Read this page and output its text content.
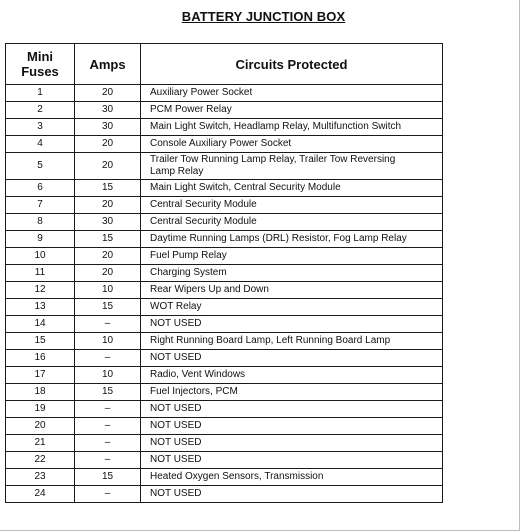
BATTERY JUNCTION BOX
Mini
Fuses	Amps	Circuits Protected
1	20	Auxiliary Power Socket
2	30	PCM Power Relay
3	30	Main Light Switch, Headlamp Relay, Multifunction Switch
4	20	Console Auxiliary Power Socket
5	20	Trailer Tow Running Lamp Relay, Trailer Tow Reversing
Lamp Relay
6	15	Main Light Switch, Central Security Module
7	20	Central Security Module
8	30	Central Security Module
9	15	Daytime Running Lamps (DRL) Resistor, Fog Lamp Relay
10	20	Fuel Pump Relay
11	20	Charging System
12	10	Rear Wipers Up and Down
13	15	WOT Relay
14	–	NOT USED
15	10	Right Running Board Lamp, Left Running Board Lamp
16	–	NOT USED
17	10	Radio, Vent Windows
18	15	Fuel Injectors, PCM
19	–	NOT USED
20	–	NOT USED
21	–	NOT USED
22	–	NOT USED
23	15	Heated Oxygen Sensors, Transmission
24	–	NOT USED
